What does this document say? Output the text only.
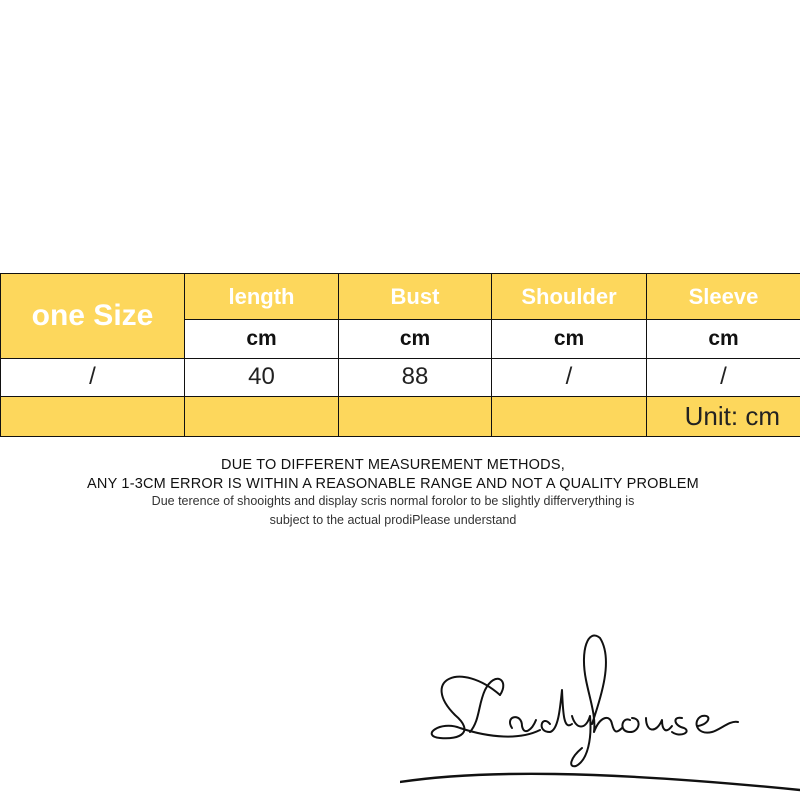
one Size	length	Bust	Shoulder	Sleeve
	cm	cm	cm	cm
/	40	88	/	/
				Unit: cm
DUE TO DIFFERENT MEASUREMENT METHODS,
ANY 1-3CM ERROR IS WITHIN A REASONABLE RANGE AND NOT A QUALITY PROBLEM
Due terence of shooights and display scris normal forolor to be slightly differverything is
subject to the actual prodiPlease understand
